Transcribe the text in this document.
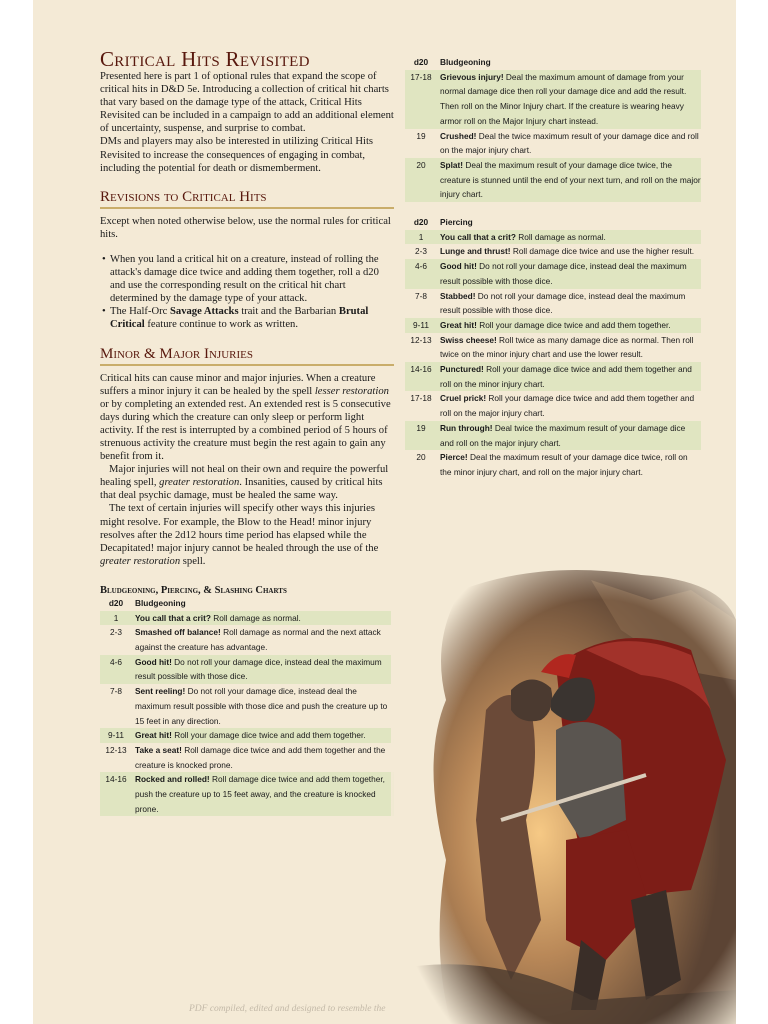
Critical Hits Revisited

Presented here is part 1 of optional rules that expand the scope of critical hits in D&D 5e. Introducing a collection of critical hit charts that vary based on the damage type of the attack, Critical Hits Revisited can be included in a campaign to add an additional element of uncertainty, suspense, and surprise to combat.

DMs and players may also be interested in utilizing Critical Hits Revisited to increase the consequences of engaging in combat, including the potential for death or dismemberment.

Revisions to Critical Hits

Except when noted otherwise below, use the normal rules for critical hits.

• When you land a critical hit on a creature, instead of rolling the attack's damage dice twice and adding them together, roll a d20 and use the corresponding result on the critical hit chart determined by the damage type of your attack.
• The Half-Orc Savage Attacks trait and the Barbarian Brutal Critical feature continue to work as written.
Minor & Major Injuries

Critical hits can cause minor and major injuries. When a creature suffers a minor injury it can be healed by the spell lesser restoration or by completing an extended rest. An extended rest is 5 consecutive days during which the creature can only sleep or perform light activity. If the rest is interrupted by a combined period of 5 hours of strenuous activity the creature must begin the rest again to gain any benefit from it.

Major injuries will not heal on their own and require the powerful healing spell, greater restoration. Insanities, caused by critical hits that deal psychic damage, must be healed the same way.

The text of certain injuries will specify other ways this injuries might resolve. For example, the Blow to the Head! minor injury resolves after the 2d12 hours time period has elapsed while the Decapitated! major injury cannot be healed through the use of the greater restoration spell.

Bludgeoning, Piercing, & Slashing Charts
d20	Bludgeoning
1	You call that a crit? Roll damage as normal.
2-3	Smashed off balance! Roll damage as normal and the next attack against the creature has advantage.
4-6	Good hit! Do not roll your damage dice, instead deal the maximum result possible with those dice.
7-8	Sent reeling! Do not roll your damage dice, instead deal the maximum result possible with those dice and push the creature up to 15 feet in any direction.
9-11	Great hit! Roll your damage dice twice and add them together.
12-13	Take a seat! Roll damage dice twice and add them together and the creature is knocked prone.
14-16	Rocked and rolled! Roll damage dice twice and add them together, push the creature up to 15 feet away, and the creature is knocked prone.
d20	Bludgeoning
17-18	Grievous injury! Deal the maximum amount of damage from your normal damage dice then roll your damage dice and add the result. Then roll on the Minor Injury chart. If the creature is wearing heavy armor roll on the Major Injury chart instead.
19	Crushed! Deal the twice maximum result of your damage dice and roll on the major injury chart.
20	Splat! Deal the maximum result of your damage dice twice, the creature is stunned until the end of your next turn, and roll on the major injury chart.
d20	Piercing
1	You call that a crit? Roll damage as normal.
2-3	Lunge and thrust! Roll damage dice twice and use the higher result.
4-6	Good hit! Do not roll your damage dice, instead deal the maximum result possible with those dice.
7-8	Stabbed! Do not roll your damage dice, instead deal the maximum result possible with those dice.
9-11	Great hit! Roll your damage dice twice and add them together.
12-13	Swiss cheese! Roll twice as many damage dice as normal. Then roll twice on the minor injury chart and use the lower result.
14-16	Punctured! Roll your damage dice twice and add them together and roll on the minor injury chart.
17-18	Cruel prick! Roll your damage dice twice and add them together and roll on the major injury chart.
19	Run through! Deal twice the maximum result of your damage dice and roll on the major injury chart.
20	Pierce! Deal the maximum result of your damage dice twice, roll on the minor injury chart, and roll on the major injury chart.
PDF compiled, edited and designed to resemble the
